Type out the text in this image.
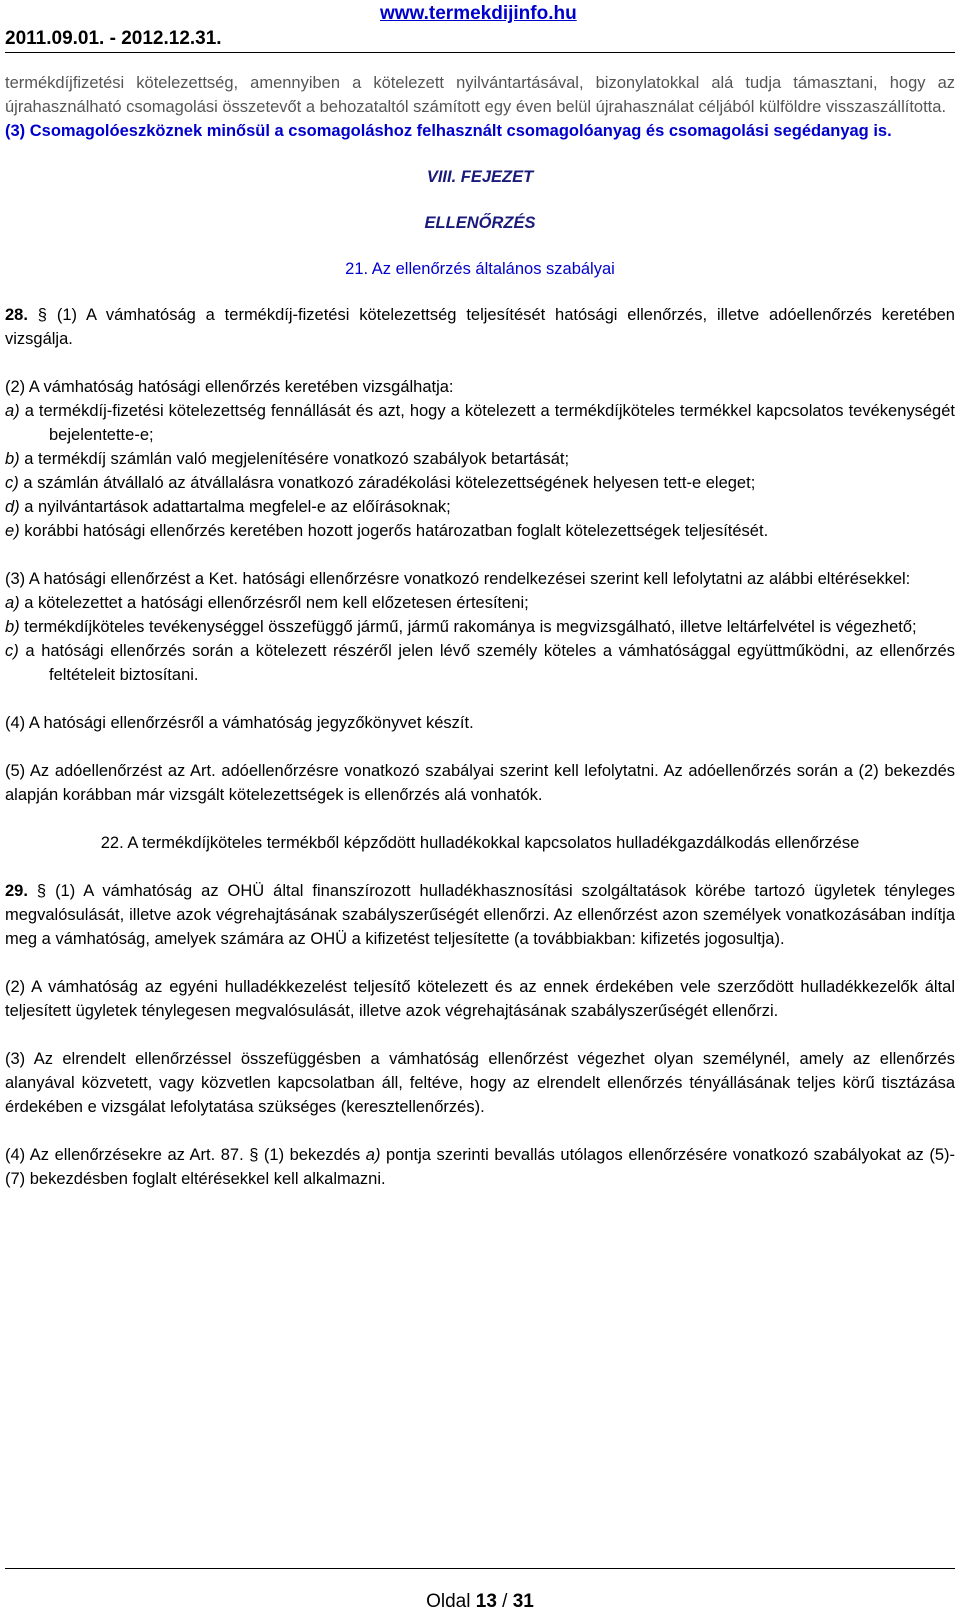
2011.09.01. - 2012.12.31.
www.termekdijinfo.hu

termékdíjfizetési kötelezettség, amennyiben a kötelezett nyilvántartásával, bizonylatokkal alá tudja támasztani, hogy az újrahasználható csomagolási összetevőt a behozataltól számított egy éven belül újrahasználat céljából külföldre visszaszállította.

(3) Csomagolóeszköznek minősül a csomagoláshoz felhasznált csomagolóanyag és csomagolási segédanyag is.

VIII. FEJEZET

ELLENŐRZÉS

21. Az ellenőrzés általános szabályai

28. § (1) A vámhatóság a termékdíj-fizetési kötelezettség teljesítését hatósági ellenőrzés, illetve adóellenőrzés keretében vizsgálja.

(2) A vámhatóság hatósági ellenőrzés keretében vizsgálhatja:

a) a termékdíj-fizetési kötelezettség fennállását és azt, hogy a kötelezett a termékdíjköteles termékkel kapcsolatos tevékenységét bejelentette-e;

b) a termékdíj számlán való megjelenítésére vonatkozó szabályok betartását;

c) a számlán átvállaló az átvállalásra vonatkozó záradékolási kötelezettségének helyesen tett-e eleget;

d) a nyilvántartások adattartalma megfelel-e az előírásoknak;

e) korábbi hatósági ellenőrzés keretében hozott jogerős határozatban foglalt kötelezettségek teljesítését.

(3) A hatósági ellenőrzést a Ket. hatósági ellenőrzésre vonatkozó rendelkezései szerint kell lefolytatni az alábbi eltérésekkel:

a) a kötelezettet a hatósági ellenőrzésről nem kell előzetesen értesíteni;

b) termékdíjköteles tevékenységgel összefüggő jármű, jármű rakománya is megvizsgálható, illetve leltárfelvétel is végezhető;

c) a hatósági ellenőrzés során a kötelezett részéről jelen lévő személy köteles a vámhatósággal együttműködni, az ellenőrzés feltételeit biztosítani.

(4) A hatósági ellenőrzésről a vámhatóság jegyzőkönyvet készít.

(5) Az adóellenőrzést az Art. adóellenőrzésre vonatkozó szabályai szerint kell lefolytatni. Az adóellenőrzés során a (2) bekezdés alapján korábban már vizsgált kötelezettségek is ellenőrzés alá vonhatók.

22. A termékdíjköteles termékből képződött hulladékokkal kapcsolatos hulladékgazdálkodás ellenőrzése

29. § (1) A vámhatóság az OHÜ által finanszírozott hulladékhasznosítási szolgáltatások körébe tartozó ügyletek tényleges megvalósulását, illetve azok végrehajtásának szabályszerűségét ellenőrzi. Az ellenőrzést azon személyek vonatkozásában indítja meg a vámhatóság, amelyek számára az OHÜ a kifizetést teljesítette (a továbbiakban: kifizetés jogosultja).

(2) A vámhatóság az egyéni hulladékkezelést teljesítő kötelezett és az ennek érdekében vele szerződött hulladékkezelők által teljesített ügyletek ténylegesen megvalósulását, illetve azok végrehajtásának szabályszerűségét ellenőrzi.

(3) Az elrendelt ellenőrzéssel összefüggésben a vámhatóság ellenőrzést végezhet olyan személynél, amely az ellenőrzés alanyával közvetett, vagy közvetlen kapcsolatban áll, feltéve, hogy az elrendelt ellenőrzés tényállásának teljes körű tisztázása érdekében e vizsgálat lefolytatása szükséges (keresztellenőrzés).

(4) Az ellenőrzésekre az Art. 87. § (1) bekezdés a) pontja szerinti bevallás utólagos ellenőrzésére vonatkozó szabályokat az (5)-(7) bekezdésben foglalt eltérésekkel kell alkalmazni.

Oldal 13 / 31
